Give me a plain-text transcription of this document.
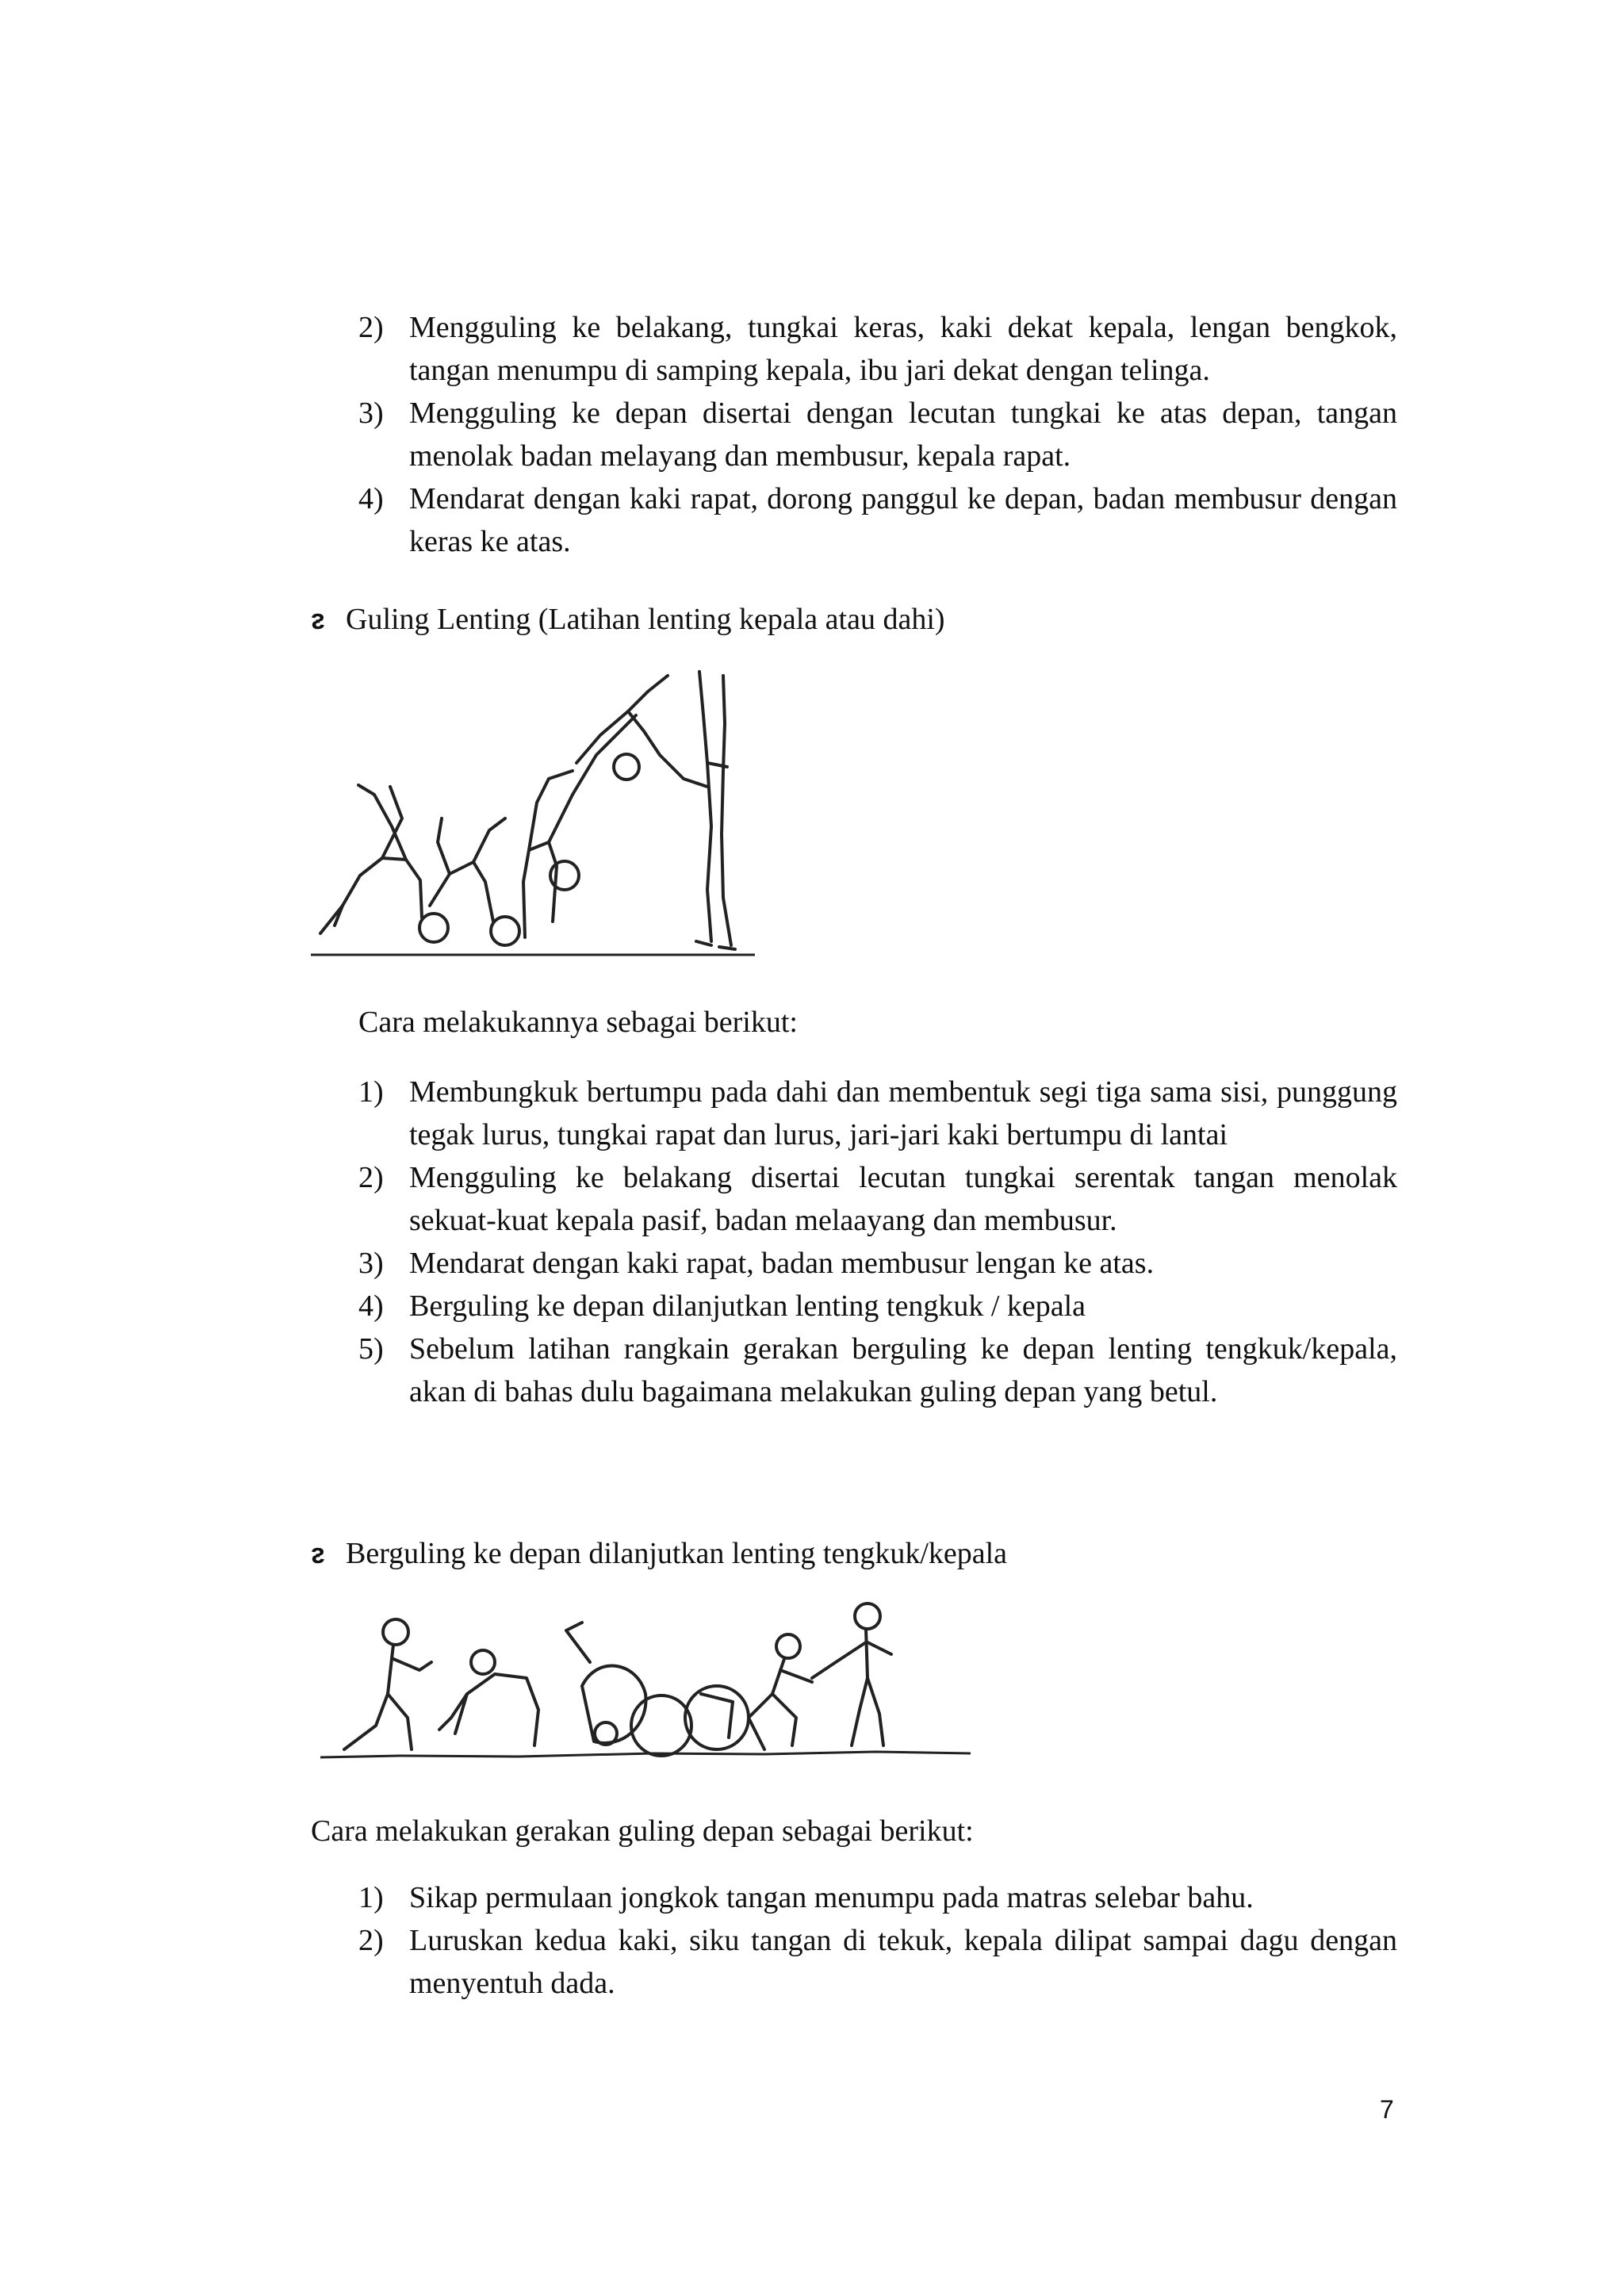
2) Mengguling ke belakang, tungkai keras, kaki dekat kepala, lengan bengkok, tangan menumpu di samping kepala, ibu jari dekat dengan telinga.
3) Mengguling ke depan disertai dengan lecutan tungkai ke atas depan, tangan menolak badan melayang dan membusur, kepala rapat.
4) Mendarat dengan kaki rapat, dorong panggul ke depan, badan membusur dengan keras ke atas.
ᴤ Guling Lenting (Latihan lenting kepala atau dahi)
Cara melakukannya sebagai berikut:
1) Membungkuk bertumpu pada dahi dan membentuk segi tiga sama sisi, punggung tegak lurus, tungkai rapat dan lurus, jari-jari kaki bertumpu di lantai
2) Mengguling ke belakang disertai lecutan tungkai serentak tangan menolak sekuat-kuat kepala pasif, badan melaayang dan membusur.
3) Mendarat dengan kaki rapat, badan membusur lengan ke atas.
4) Berguling ke depan dilanjutkan lenting tengkuk / kepala
5) Sebelum latihan rangkain gerakan berguling ke depan lenting tengkuk/kepala, akan di bahas dulu bagaimana melakukan guling depan yang betul.
ᴤ Berguling ke depan dilanjutkan lenting tengkuk/kepala
Cara melakukan gerakan guling depan sebagai berikut:
1) Sikap permulaan jongkok tangan menumpu pada matras selebar bahu.
2) Luruskan kedua kaki, siku tangan di tekuk, kepala dilipat sampai dagu dengan menyentuh dada.
7
